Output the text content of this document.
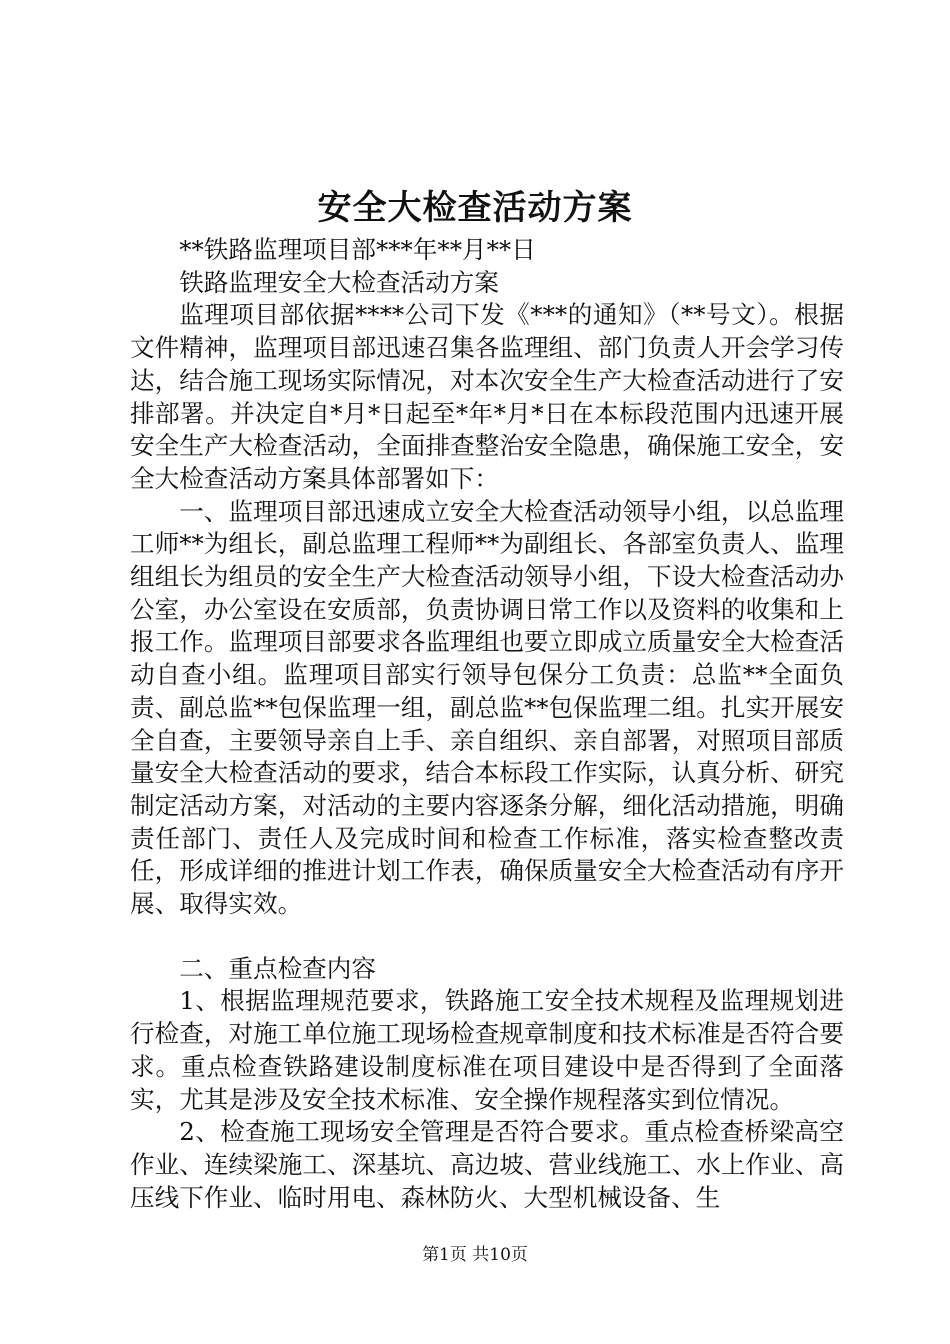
安全大检查活动方案

**铁路监理项目部***年**月**日

铁路监理安全大检查活动方案

监理项目部依据****公司下发《***的通知》（**号文）。根据文件精神，监理项目部迅速召集各监理组、部门负责人开会学习传达，结合施工现场实际情况，对本次安全生产大检查活动进行了安排部署。并决定自*月*日起至*年*月*日在本标段范围内迅速开展安全生产大检查活动，全面排查整治安全隐患，确保施工安全，安全大检查活动方案具体部署如下：

一、监理项目部迅速成立安全大检查活动领导小组，以总监理工师**为组长，副总监理工程师**为副组长、各部室负责人、监理组组长为组员的安全生产大检查活动领导小组，下设大检查活动办公室，办公室设在安质部，负责协调日常工作以及资料的收集和上报工作。监理项目部要求各监理组也要立即成立质量安全大检查活动自查小组。监理项目部实行领导包保分工负责：总监**全面负责、副总监**包保监理一组，副总监**包保监理二组。扎实开展安全自查，主要领导亲自上手、亲自组织、亲自部署，对照项目部质量安全大检查活动的要求，结合本标段工作实际，认真分析、研究制定活动方案，对活动的主要内容逐条分解，细化活动措施，明确责任部门、责任人及完成时间和检查工作标准，落实检查整改责任，形成详细的推进计划工作表，确保质量安全大检查活动有序开展、取得实效。

二、重点检查内容

1、根据监理规范要求，铁路施工安全技术规程及监理规划进行检查，对施工单位施工现场检查规章制度和技术标准是否符合要求。重点检查铁路建设制度标准在项目建设中是否得到了全面落实，尤其是涉及安全技术标准、安全操作规程落实到位情况。

2、检查施工现场安全管理是否符合要求。重点检查桥梁高空作业、连续梁施工、深基坑、高边坡、营业线施工、水上作业、高压线下作业、临时用电、森林防火、大型机械设备、生

第1页 共10页
